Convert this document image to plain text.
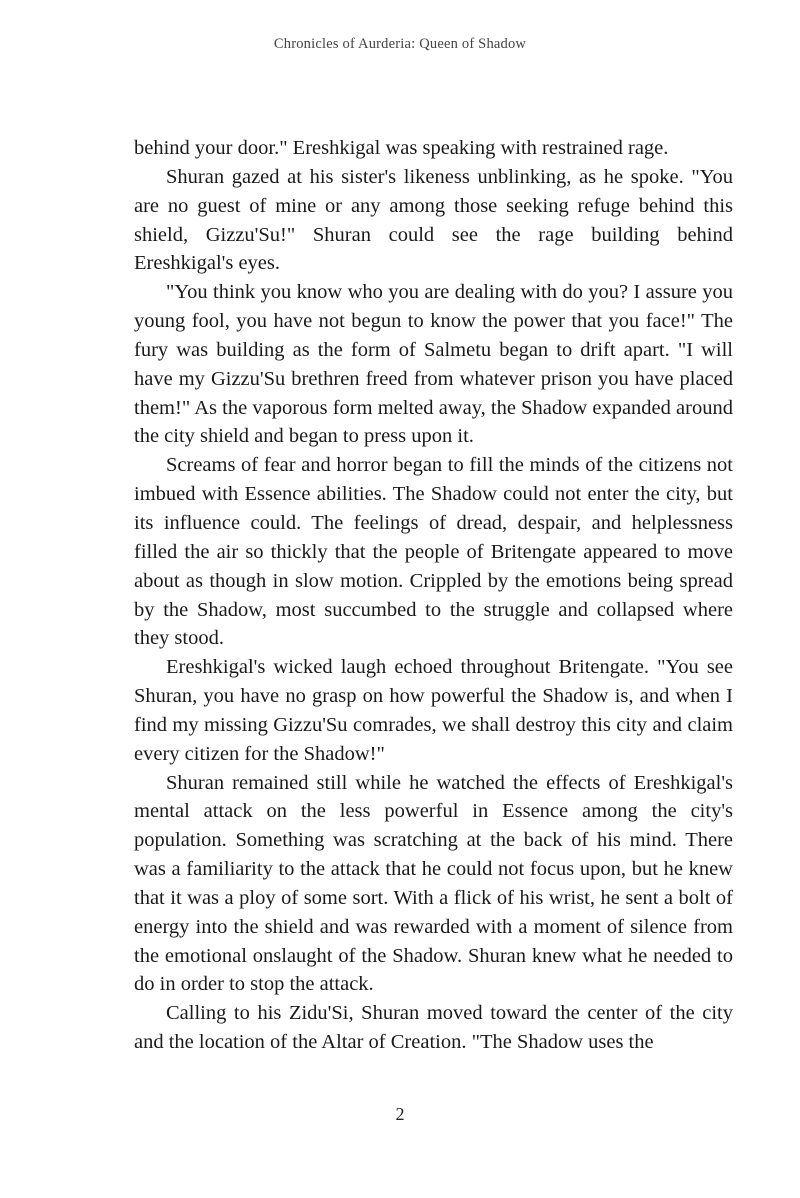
Chronicles of Aurderia: Queen of Shadow

behind your door." Ereshkigal was speaking with restrained rage.

Shuran gazed at his sister's likeness unblinking, as he spoke. "You are no guest of mine or any among those seeking refuge behind this shield, Gizzu'Su!" Shuran could see the rage building behind Ereshkigal's eyes.

"You think you know who you are dealing with do you? I assure you young fool, you have not begun to know the power that you face!" The fury was building as the form of Salmetu began to drift apart. "I will have my Gizzu'Su brethren freed from whatever prison you have placed them!" As the vaporous form melted away, the Shadow expanded around the city shield and began to press upon it.

Screams of fear and horror began to fill the minds of the citizens not imbued with Essence abilities. The Shadow could not enter the city, but its influence could. The feelings of dread, despair, and helplessness filled the air so thickly that the people of Britengate appeared to move about as though in slow motion. Crippled by the emotions being spread by the Shadow, most succumbed to the struggle and collapsed where they stood.

Ereshkigal's wicked laugh echoed throughout Britengate. "You see Shuran, you have no grasp on how powerful the Shadow is, and when I find my missing Gizzu'Su comrades, we shall destroy this city and claim every citizen for the Shadow!"

Shuran remained still while he watched the effects of Ereshkigal's mental attack on the less powerful in Essence among the city's population. Something was scratching at the back of his mind. There was a familiarity to the attack that he could not focus upon, but he knew that it was a ploy of some sort. With a flick of his wrist, he sent a bolt of energy into the shield and was rewarded with a moment of silence from the emotional onslaught of the Shadow. Shuran knew what he needed to do in order to stop the attack.

Calling to his Zidu'Si, Shuran moved toward the center of the city and the location of the Altar of Creation. "The Shadow uses the

2
